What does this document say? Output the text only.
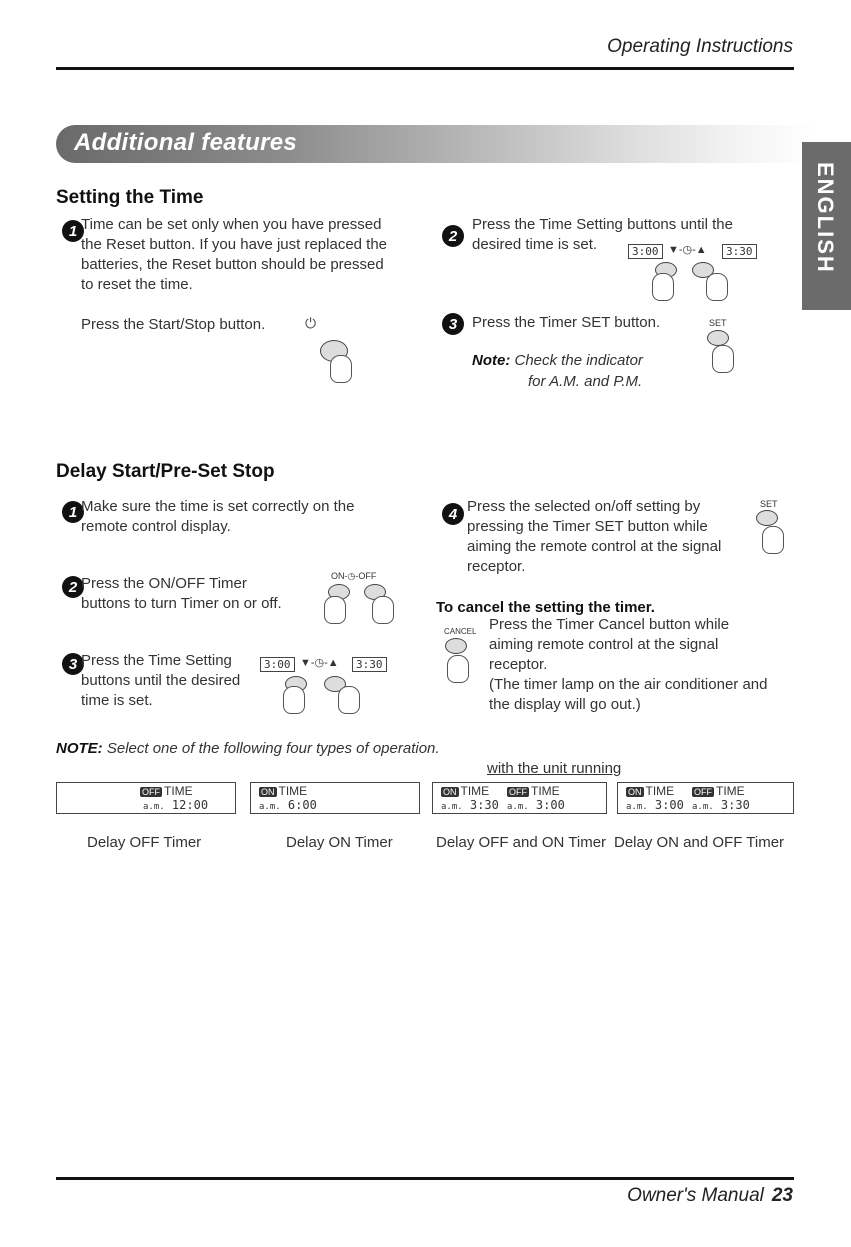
Operating Instructions
Additional features
ENGLISH
Setting the Time
1 Time can be set only when you have pressed
the Reset button. If you have just replaced the
batteries, the Reset button should be pressed
to reset the time.
Press the Start/Stop button.	⏻
2
Press the Time Setting buttons until the
desired time is set.	3:00 ▼-◷-▲	3:30
3 Press the Timer SET button.
Note: Check the indicator
for A.M. and P.M.
SET
Delay Start/Pre-Set Stop
1 Make sure the time is set correctly on the
remote control display.
2 Press the ON/OFF Timer
buttons to turn Timer on or off.
ON-◷-OFF
3 Press the Time Setting
buttons until the desired
time is set.
3:00 ▼-◷-▲	3:30
4 Press the selected on/off setting by
pressing the Timer SET button while
aiming the remote control at the signal
receptor.
SET
To cancel the setting the timer.
CANCEL Press the Timer Cancel button while
aiming remote control at the signal
receptor.
(The timer lamp on the air conditioner and
the display will go out.)
NOTE: Select one of the following four types of operation.
with the unit running
OFF TIME
a.m. 12:00
Delay OFF Timer
ON TIME
a.m. 6:00
Delay ON Timer
ON TIME OFF TIME
a.m. 3:30 a.m. 3:00
Delay OFF and ON Timer
ON TIME OFF TIME
a.m. 3:00 a.m. 3:30
Delay ON and OFF Timer
Owner's Manual 23
